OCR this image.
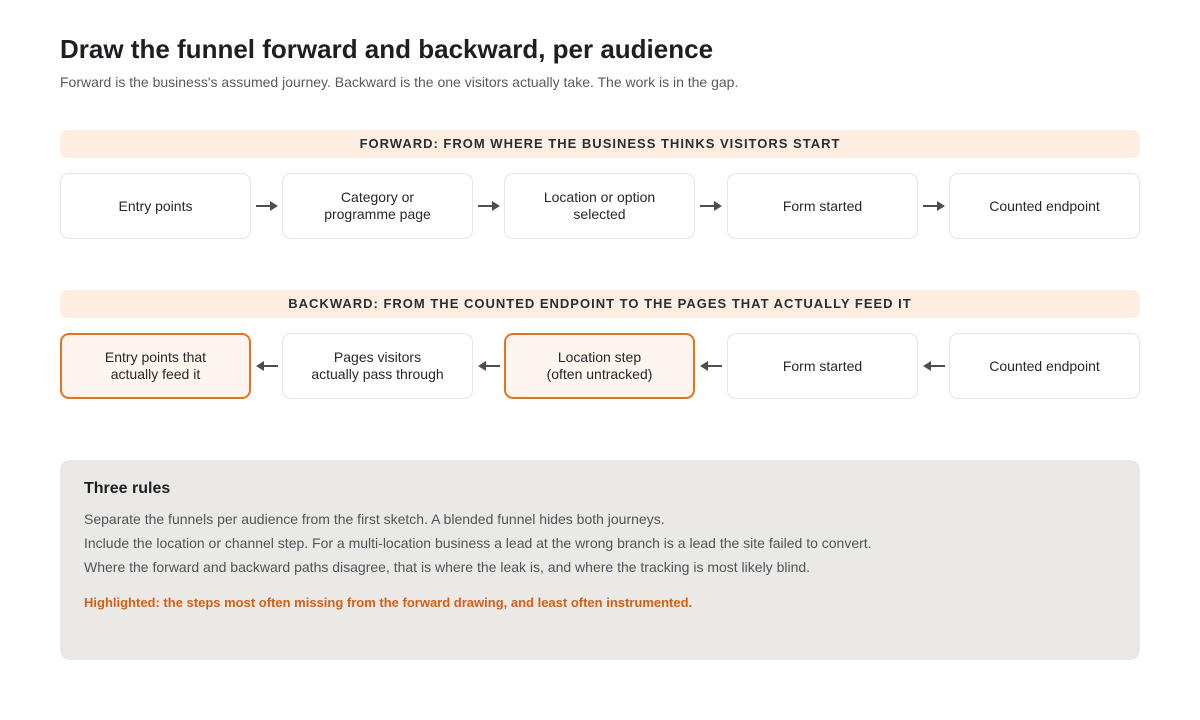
Draw the funnel forward and backward, per audience

Forward is the business's assumed journey. Backward is the one visitors actually take. The work is in the gap.

FORWARD: FROM WHERE THE BUSINESS THINKS VISITORS START
Entry points
Category or
programme page
Location or option
selected
Form started	Counted endpoint
BACKWARD: FROM THE COUNTED ENDPOINT TO THE PAGES THAT ACTUALLY FEED IT
Entry points that
actually feed it
Pages visitors
actually pass through
Location step
(often untracked)
Form started	Counted endpoint
Three rules
Separate the funnels per audience from the first sketch. A blended funnel hides both journeys.
Include the location or channel step. For a multi-location business a lead at the wrong branch is a lead the site failed to convert.
Where the forward and backward paths disagree, that is where the leak is, and where the tracking is most likely blind.
Highlighted: the steps most often missing from the forward drawing, and least often instrumented.
